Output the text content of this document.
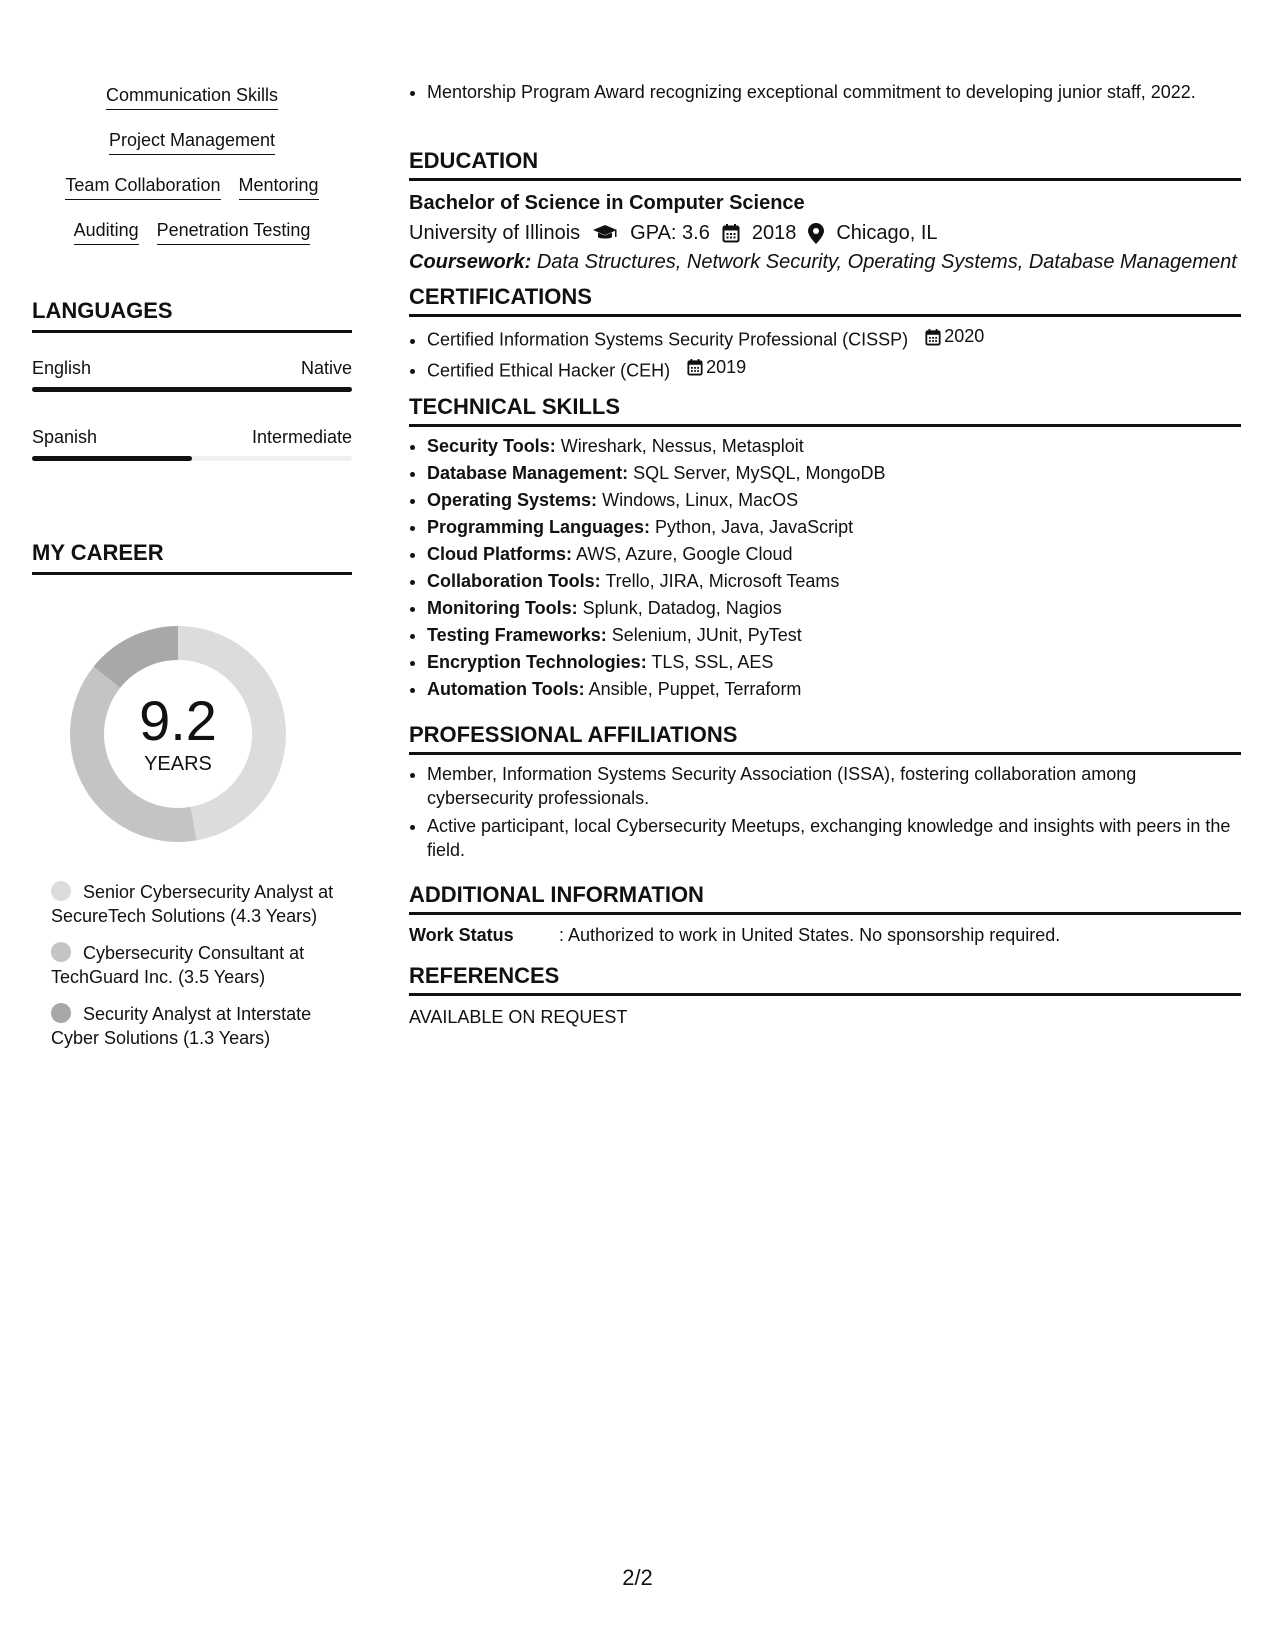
Communication Skills
Project Management
Team Collaboration Mentoring
Auditing Penetration Testing
LANGUAGES
English	Native
Spanish	Intermediate
MY CAREER
9.2
YEARS
Senior Cybersecurity Analyst at SecureTech Solutions (4.3 Years)
Cybersecurity Consultant at TechGuard Inc. (3.5 Years)
Security Analyst at Interstate Cyber Solutions (1.3 Years)
• Mentorship Program Award recognizing exceptional commitment to developing junior staff, 2022.
EDUCATION
Bachelor of Science in Computer Science
University of Illinois	GPA: 3.6 2018 Chicago, IL
Coursework: Data Structures, Network Security, Operating Systems, Database Management
CERTIFICATIONS
• Certified Information Systems Security Professional (CISSP) 2020
• Certified Ethical Hacker (CEH) 2019
TECHNICAL SKILLS
• Security Tools: Wireshark, Nessus, Metasploit
• Database Management: SQL Server, MySQL, MongoDB
• Operating Systems: Windows, Linux, MacOS
• Programming Languages: Python, Java, JavaScript
• Cloud Platforms: AWS, Azure, Google Cloud
• Collaboration Tools: Trello, JIRA, Microsoft Teams
• Monitoring Tools: Splunk, Datadog, Nagios
• Testing Frameworks: Selenium, JUnit, PyTest
• Encryption Technologies: TLS, SSL, AES
• Automation Tools: Ansible, Puppet, Terraform
PROFESSIONAL AFFILIATIONS
• Member, Information Systems Security Association (ISSA), fostering collaboration among cybersecurity professionals.
• Active participant, local Cybersecurity Meetups, exchanging knowledge and insights with peers in the field.
ADDITIONAL INFORMATION
Work Status	: Authorized to work in United States. No sponsorship required.
REFERENCES
AVAILABLE ON REQUEST
2/2
